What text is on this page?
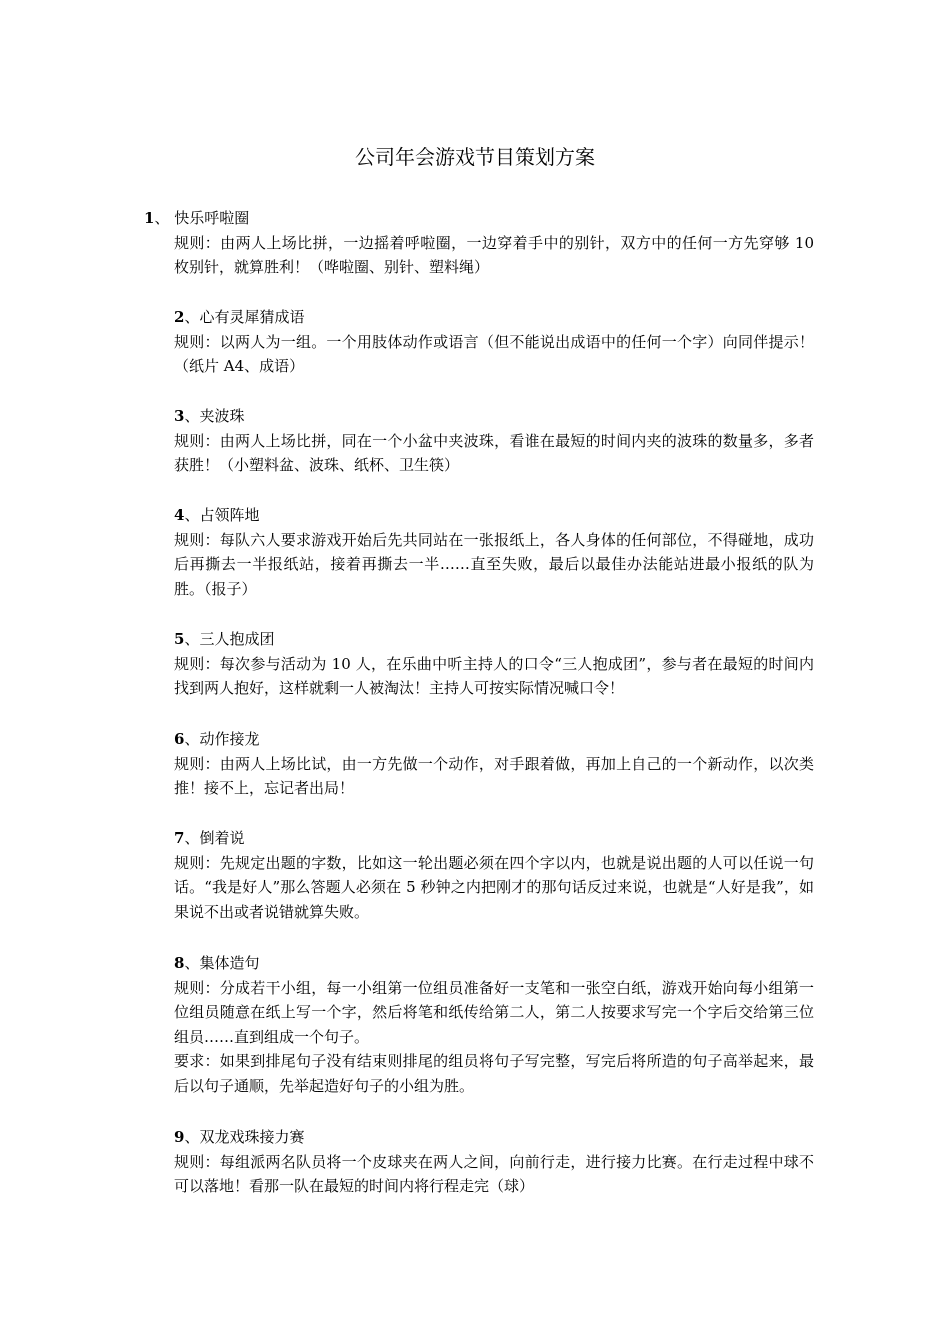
公司年会游戏节目策划方案
1、 快乐呼啦圈

规则：由两人上场比拼，一边摇着呼啦圈，一边穿着手中的别针，双方中的任何一方先穿够 10 枚别针，就算胜利！（哗啦圈、别针、塑料绳）

2、心有灵犀猜成语

规则：以两人为一组。一个用肢体动作或语言（但不能说出成语中的任何一个字）向同伴提示！（纸片 A4、成语）

3、夹波珠

规则：由两人上场比拼，同在一个小盆中夹波珠，看谁在最短的时间内夹的波珠的数量多，多者获胜！（小塑料盆、波珠、纸杯、卫生筷）

4、占领阵地

规则：每队六人要求游戏开始后先共同站在一张报纸上，各人身体的任何部位，不得碰地，成功后再撕去一半报纸站，接着再撕去一半……直至失败，最后以最佳办法能站进最小报纸的队为胜。（报子）

5、三人抱成团

规则：每次参与活动为 10 人，在乐曲中听主持人的口令“三人抱成团”，参与者在最短的时间内找到两人抱好，这样就剩一人被淘汰！主持人可按实际情况喊口令！

6、动作接龙

规则：由两人上场比试，由一方先做一个动作，对手跟着做，再加上自己的一个新动作，以次类推！接不上，忘记者出局！

7、倒着说

规则：先规定出题的字数，比如这一轮出题必须在四个字以内，也就是说出题的人可以任说一句话。“我是好人”那么答题人必须在 5 秒钟之内把刚才的那句话反过来说，也就是“人好是我”，如果说不出或者说错就算失败。

8、集体造句

规则：分成若干小组，每一小组第一位组员准备好一支笔和一张空白纸，游戏开始向每小组第一位组员随意在纸上写一个字，然后将笔和纸传给第二人，第二人按要求写完一个字后交给第三位组员……直到组成一个句子。

要求：如果到排尾句子没有结束则排尾的组员将句子写完整，写完后将所造的句子高举起来，最后以句子通顺，先举起造好句子的小组为胜。

9、双龙戏珠接力赛

规则：每组派两名队员将一个皮球夹在两人之间，向前行走，进行接力比赛。在行走过程中球不可以落地！看那一队在最短的时间内将行程走完（球）
